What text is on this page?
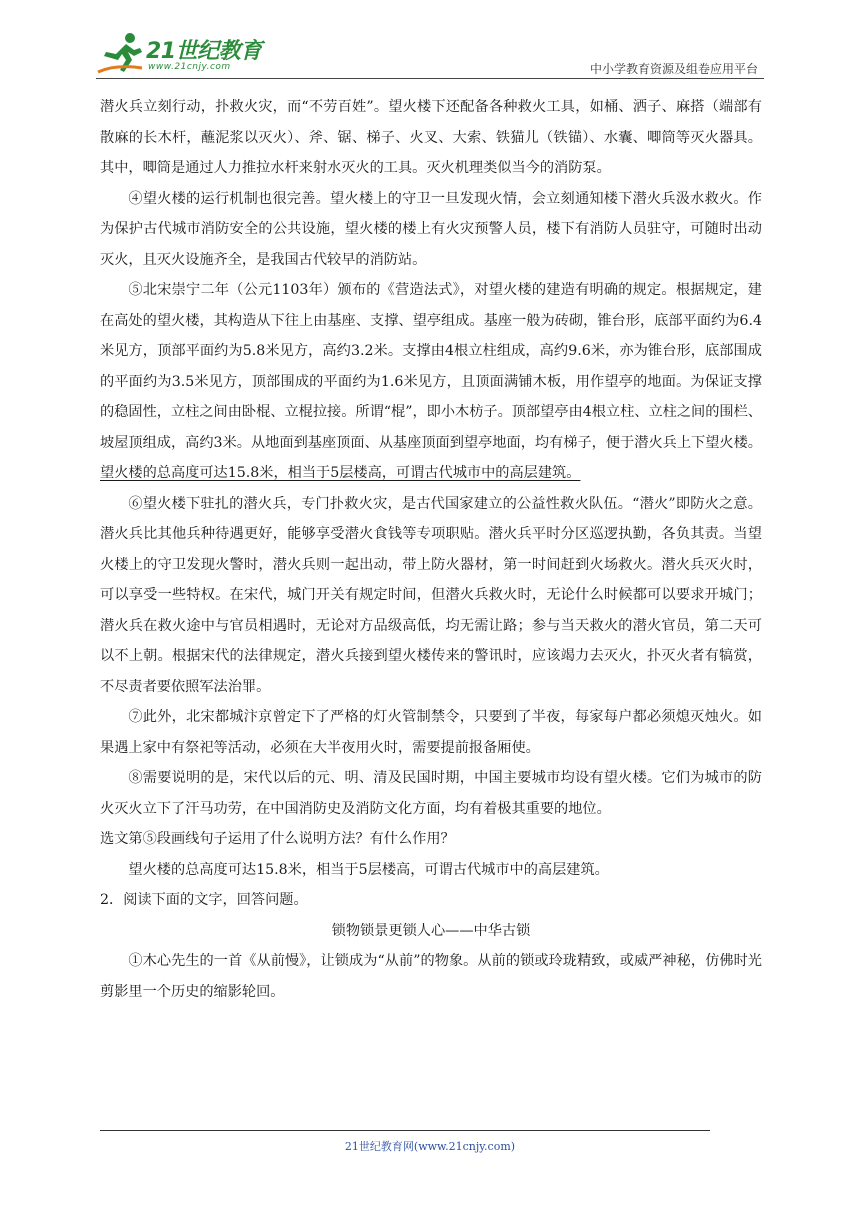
21世纪教育
www.21cnjy.com	中小学教育资源及组卷应用平台

潜火兵立刻行动，扑救火灾，而“不劳百姓”。望火楼下还配备各种救火工具，如桶、洒子、麻搭（端部有散麻的长木杆，蘸泥浆以灭火）、斧、锯、梯子、火叉、大索、铁猫儿（铁锚）、水囊、唧筒等灭火器具。其中，唧筒是通过人力推拉水杆来射水灭火的工具。灭火机理类似当今的消防泵。

④望火楼的运行机制也很完善。望火楼上的守卫一旦发现火情，会立刻通知楼下潜火兵汲水救火。作为保护古代城市消防安全的公共设施，望火楼的楼上有火灾预警人员，楼下有消防人员驻守，可随时出动灭火，且灭火设施齐全，是我国古代较早的消防站。

⑤北宋崇宁二年（公元1103年）颁布的《营造法式》，对望火楼的建造有明确的规定。根据规定，建在高处的望火楼，其构造从下往上由基座、支撑、望亭组成。基座一般为砖砌，锥台形，底部平面约为6.4米见方，顶部平面约为5.8米见方，高约3.2米。支撑由4根立柱组成，高约9.6米，亦为锥台形，底部围成的平面约为3.5米见方，顶部围成的平面约为1.6米见方，且顶面满铺木板，用作望亭的地面。为保证支撑的稳固性，立柱之间由卧棍、立棍拉接。所谓“棍”，即小木枋子。顶部望亭由4根立柱、立柱之间的围栏、坡屋顶组成，高约3米。从地面到基座顶面、从基座顶面到望亭地面，均有梯子，便于潜火兵上下望火楼。望火楼的总高度可达15.8米，相当于5层楼高，可谓古代城市中的高层建筑。

⑥望火楼下驻扎的潜火兵，专门扑救火灾，是古代国家建立的公益性救火队伍。“潜火”即防火之意。潜火兵比其他兵种待遇更好，能够享受潜火食钱等专项职贴。潜火兵平时分区巡逻执勤，各负其责。当望火楼上的守卫发现火警时，潜火兵则一起出动，带上防火器材，第一时间赶到火场救火。潜火兵灭火时，可以享受一些特权。在宋代，城门开关有规定时间，但潜火兵救火时，无论什么时候都可以要求开城门；潜火兵在救火途中与官员相遇时，无论对方品级高低，均无需让路；参与当天救火的潜火官员，第二天可以不上朝。根据宋代的法律规定，潜火兵接到望火楼传来的警讯时，应该竭力去灭火，扑灭火者有犒赏，不尽责者要依照军法治罪。

⑦此外，北宋都城汴京曾定下了严格的灯火管制禁令，只要到了半夜，每家每户都必须熄灭烛火。如果遇上家中有祭祀等活动，必须在大半夜用火时，需要提前报备厢使。

⑧需要说明的是，宋代以后的元、明、清及民国时期，中国主要城市均设有望火楼。它们为城市的防火灭火立下了汗马功劳，在中国消防史及消防文化方面，均有着极其重要的地位。

选文第⑤段画线句子运用了什么说明方法？有什么作用？

望火楼的总高度可达15.8米，相当于5层楼高，可谓古代城市中的高层建筑。

2．阅读下面的文字，回答问题。

锁物锁景更锁人心——中华古锁

①木心先生的一首《从前慢》，让锁成为“从前”的物象。从前的锁或玲珑精致，或威严神秘，仿佛时光剪影里一个历史的缩影轮回。

21世纪教育网(www.21cnjy.com)
